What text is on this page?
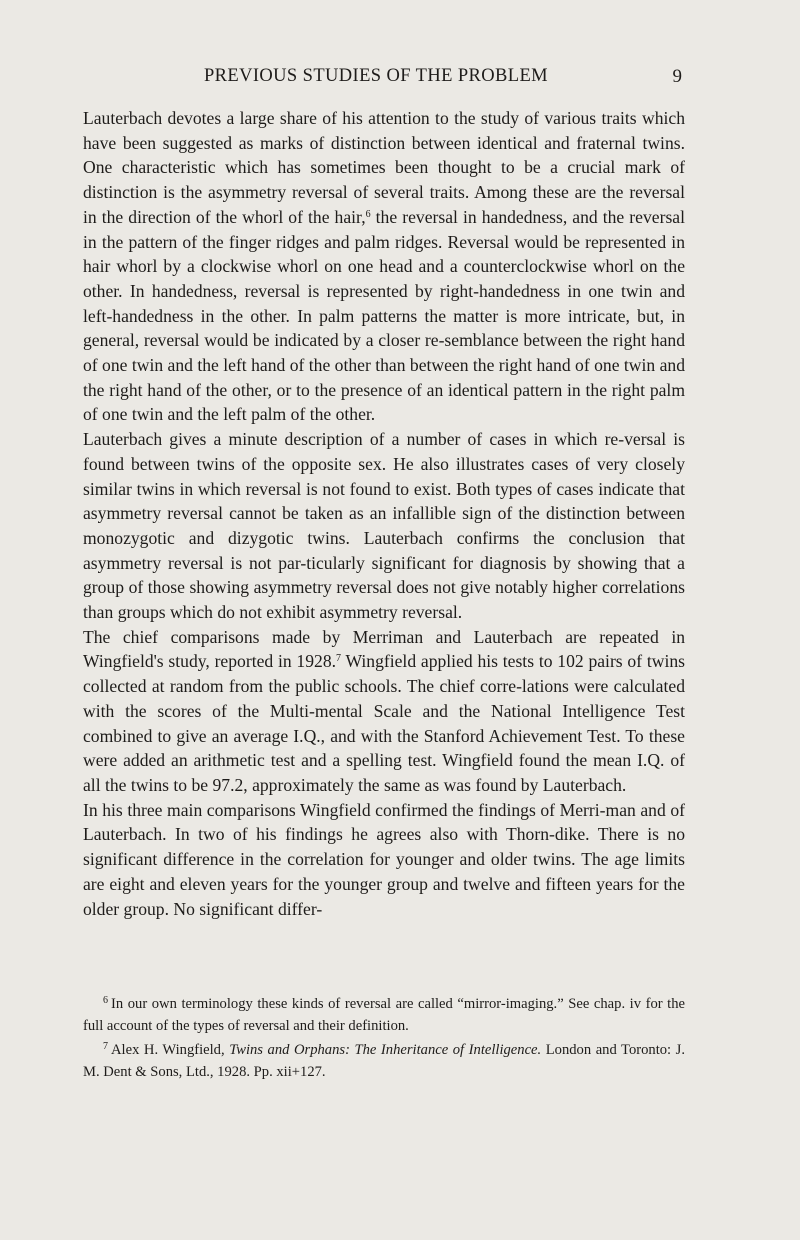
PREVIOUS STUDIES OF THE PROBLEM	9

Lauterbach devotes a large share of his attention to the study of various traits which have been suggested as marks of distinction between identical and fraternal twins. One characteristic which has sometimes been thought to be a crucial mark of distinction is the asymmetry reversal of several traits. Among these are the reversal in the direction of the whorl of the hair,$^6$ the reversal in handedness, and the reversal in the pattern of the finger ridges and palm ridges. Reversal would be represented in hair whorl by a clockwise whorl on one head and a counterclockwise whorl on the other. In handedness, reversal is represented by right-handedness in one twin and left-handedness in the other. In palm patterns the matter is more intricate, but, in general, reversal would be indicated by a closer re-semblance between the right hand of one twin and the left hand of the other than between the right hand of one twin and the right hand of the other, or to the presence of an identical pattern in the right palm of one twin and the left palm of the other.

Lauterbach gives a minute description of a number of cases in which re-versal is found between twins of the opposite sex. He also illustrates cases of very closely similar twins in which reversal is not found to exist. Both types of cases indicate that asymmetry reversal cannot be taken as an infallible sign of the distinction between monozygotic and dizygotic twins. Lauterbach confirms the conclusion that asymmetry reversal is not par-ticularly significant for diagnosis by showing that a group of those showing asymmetry reversal does not give notably higher correlations than groups which do not exhibit asymmetry reversal.

The chief comparisons made by Merriman and Lauterbach are repeated in Wingfield's study, reported in 1928.$^7$ Wingfield applied his tests to 102 pairs of twins collected at random from the public schools. The chief corre-lations were calculated with the scores of the Multi-mental Scale and the National Intelligence Test combined to give an average I.Q., and with the Stanford Achievement Test. To these were added an arithmetic test and a spelling test. Wingfield found the mean I.Q. of all the twins to be 97.2, approximately the same as was found by Lauterbach.

In his three main comparisons Wingfield confirmed the findings of Merri-man and of Lauterbach. In two of his findings he agrees also with Thorn-dike. There is no significant difference in the correlation for younger and older twins. The age limits are eight and eleven years for the younger group and twelve and fifteen years for the older group. No significant differ-

$^6$ In our own terminology these kinds of reversal are called “mirror-imaging.” See chap. iv for the full account of the types of reversal and their definition.

$^7$ Alex H. Wingfield, Twins and Orphans: The Inheritance of Intelligence. London and Toronto: J. M. Dent & Sons, Ltd., 1928. Pp. xii+127.
